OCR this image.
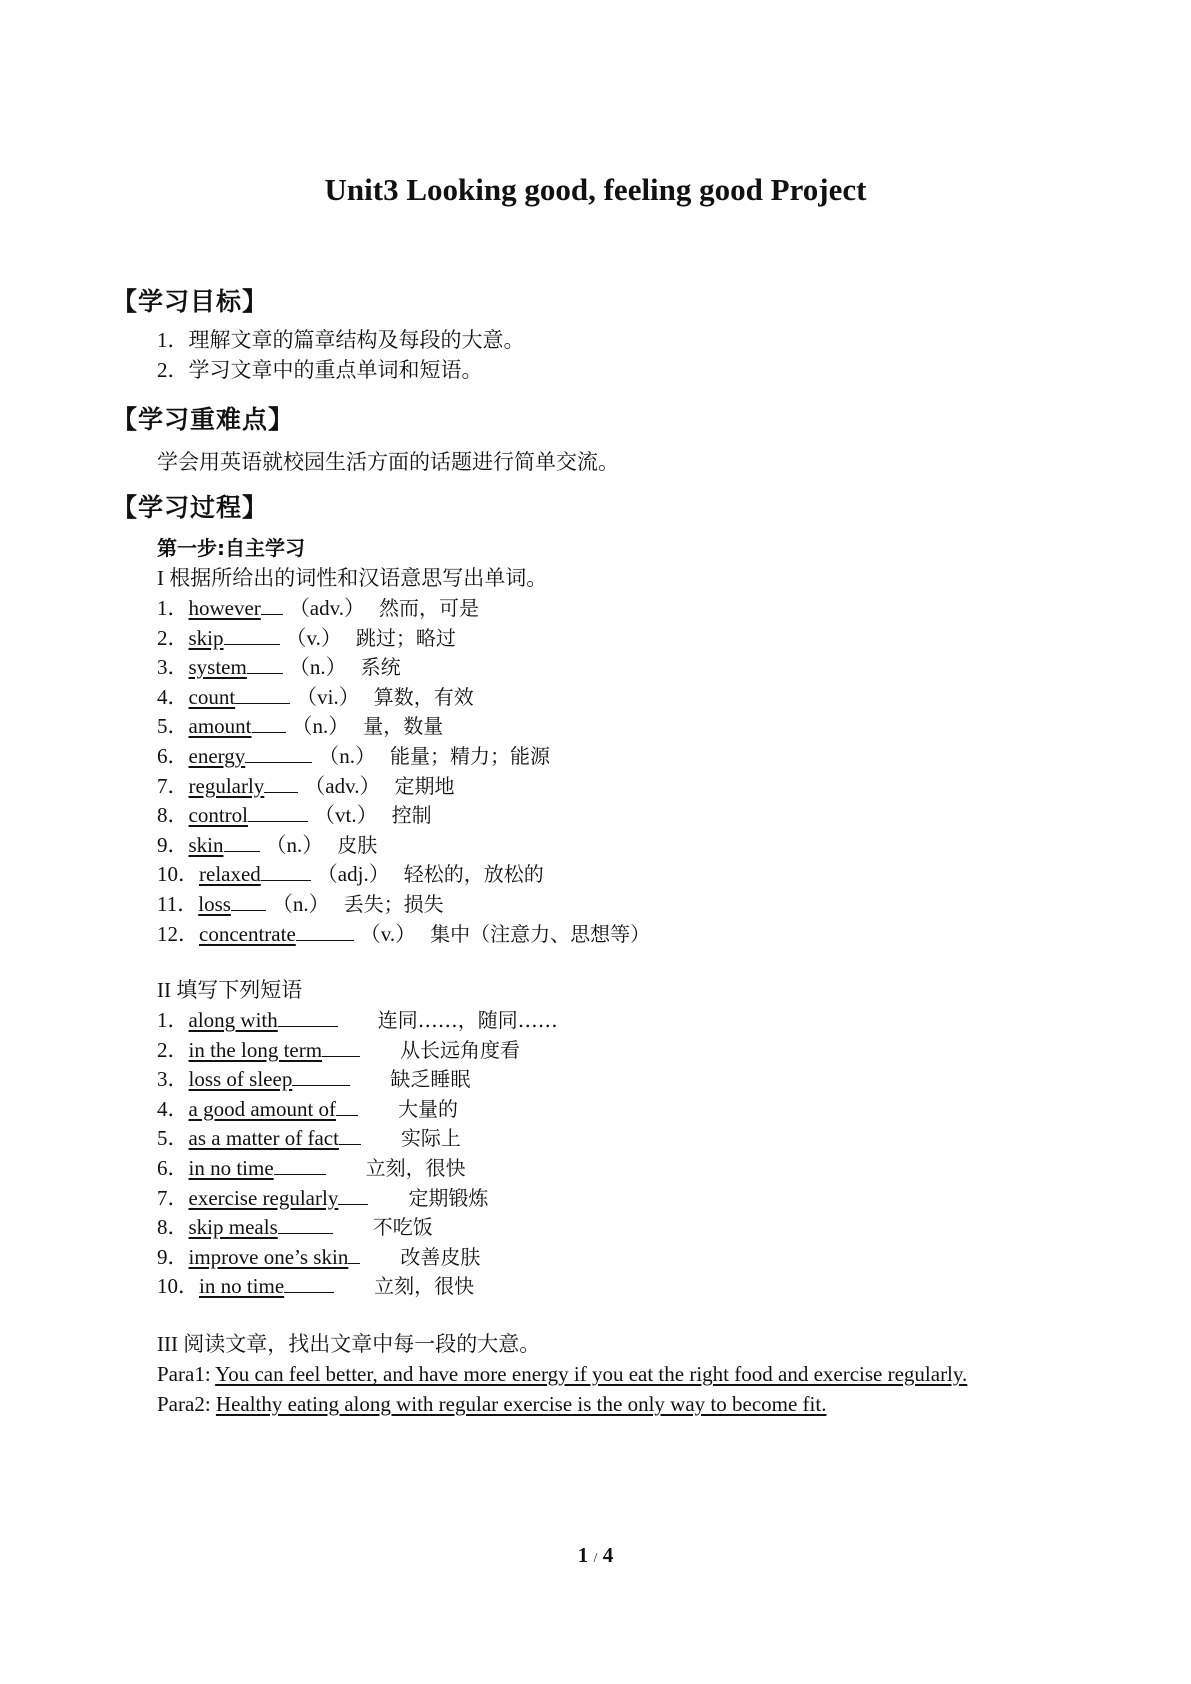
Unit3 Looking good, feeling good Project
【学习目标】
1．理解文章的篇章结构及每段的大意。
2．学习文章中的重点单词和短语。
【学习重难点】
学会用英语就校园生活方面的话题进行简单交流。
【学习过程】
第一步:自主学习
I 根据所给出的词性和汉语意思写出单词。
1．however （adv.） 然而，可是
2．skip	（v.） 跳过；略过
3．system （n.） 系统
4．count	（vi.） 算数，有效
5．amount （n.） 量，数量
6．energy	（n.） 能量；精力；能源
7．regularly （adv.） 定期地
8．control	（vt.） 控制
9．skin （n.） 皮肤
10．relaxed	（adj.） 轻松的，放松的
11．loss （n.） 丢失；损失
12．concentrate	（v.） 集中（注意力、思想等）
II 填写下列短语
1．along with	连同……，随同……
2．in the long term	从长远角度看
3．loss of sleep	缺乏睡眠
4．a good amount of	大量的
5．as a matter of fact	实际上
6．in no time	立刻，很快
7．exercise regularly	定期锻炼
8．skip meals	不吃饭
9．improve one’s skin	改善皮肤
10．in no time	立刻，很快
III 阅读文章，找出文章中每一段的大意。
Para1: You can feel better, and have more energy if you eat the right food and exercise regularly.
Para2: Healthy eating along with regular exercise is the only way to become fit.
1 / 4
